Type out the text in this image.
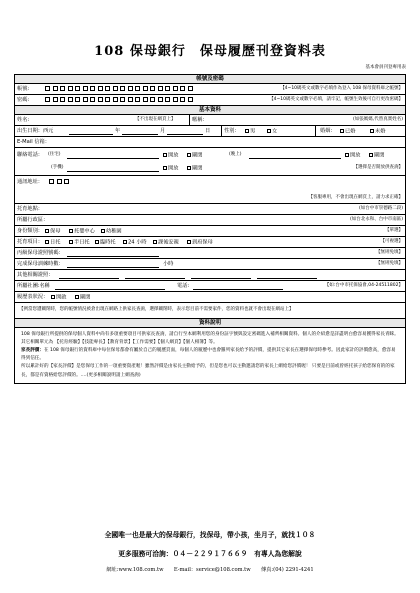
108 保母銀行　保母履歷刊登資料表
基本會員刊登專用表
帳號及密碼
帳號:	【4~10碼英文或數字必填作為登入 108 保母資料庫之帳號】
密碼:	【4~10碼英文或數字必填，請牢記，帳號生效後可自行更改密碼】
基本資料
姓名:	【不出現在網頁上】	暱稱：	(如張媽媽,代替真實姓名)
出生日期：西元	年	月	日	性別：	男	女	婚姻：	已婚	未婚
E-Mail 信箱：
聯絡電話： (住宅)	開放	關閉	(晚上)	開放	關閉
(手機)	開放	關閉	【選擇是否開放供查詢】
通訊地址：
【客服專用，不會出現在網頁上，請力求正確】
托育地點：	(如台中市崇德路二段)
所屬行政區：	(如台北永和、台中市南區)
身份類別：	保母	托嬰中心	幼稚園	【單選】
托育項目：	日托	半日托	臨時托	24 小時	課後安親	到府保母	【可複選】
丙級保母證照號碼：	【無則免填】
完成保母訓練時數：	小時	【無則免填】
其他相關證照：
所屬社團:名稱	電話:	【如:台中市托保協會,04-24511802】
履歷表狀況：	開啟	關閉
【例當您遭關閉時，您的帳號情況被倉出現在網路上供家長查詢，選擇關閉時，表示您目前不需要家件，您的資料也就不會出現在網站上】
資料說明

108 保母銀行所提供的保母個人資料中尚有多項重要項目可供家長查詢，請自行至本網利用您的身份証字號與設定密碼進入補齊相關資料。個人的介紹愈是詳盡明白愈容易獲得家長青睞。其它相關單元為 【托育經驗】【技能專長】【教育背景】【工作需要】【個人網頁】【個人相簿】等。

家長評價：在 108 保母銀行的資料庫中每位保母都會有屬於自己的履歷頁面，每個人的履歷中也會羅列家長給予的評價，提供其它家長在選擇保母時參考。因此家計的評價愈高，愈容易得到信任。

所以累計好的【家長評價】是您保母工作的一項重要資產喔！雖然評價是由家長主動給予的，但是您也可以主動邀請您的家長上網給您評價喔！ 只要是目前或曾經托孩子給您保育的的家長，都是有資格給您評價的。....(更多相關說明請上網查詢)

全國唯一也是最大的保母銀行，找保母，帶小孩，坐月子，就找１０８
更多服務可洽詢：０４－２２９１７６６９　有專人為您解說
網址:www.108.com.tw　　E-mail：service@108.com.tw　　傳真:(04) 2291-4241
